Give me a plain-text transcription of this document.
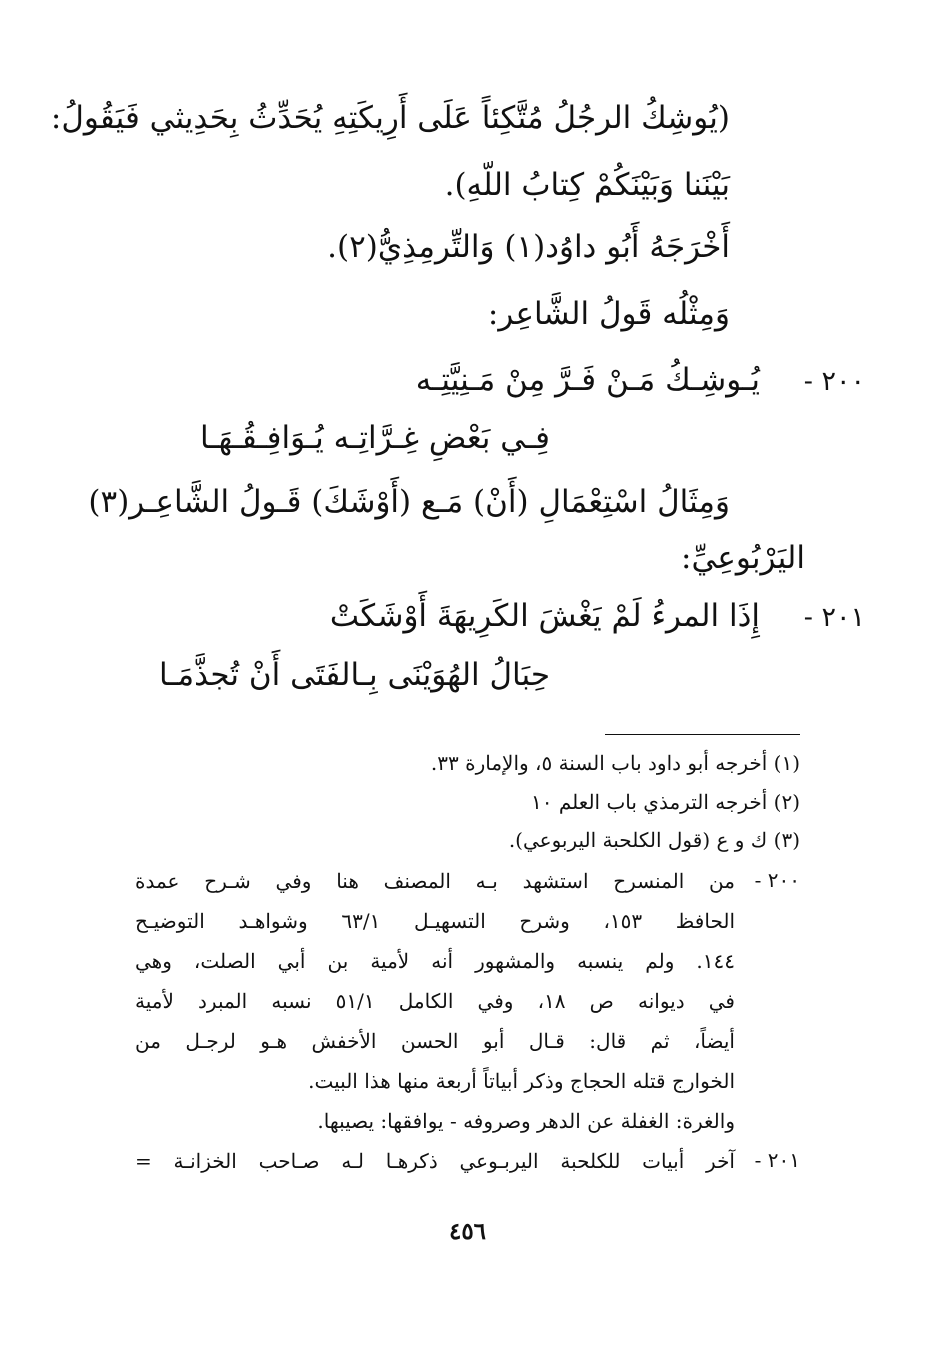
(يُوشِكُ الرجُلُ مُتَّكِئاً عَلَى أَرِيكَتِهِ يُحَدِّثُ بِحَدِيثي فَيَقُولُ:
بَيْنَنا وَبَيْنَكُمْ كِتابُ اللّهِ).
أَخْرَجَهُ أَبُو داوُد(١) وَالتِّرمِذِيُّ(٢).
وَمِثْلُه قَولُ الشَّاعِر:
٢٠٠ -
يُـوشِـكُ مَـنْ فَـرَّ مِنْ مَـنِيَّتِـه
فِـي بَعْضِ غِـرَّاتِـه يُـوَافِـقُـهَـا
وَمِثَالُ اسْتِعْمَالِ (أَنْ) مَـع (أَوْشَكَ) قَـولُ الشَّاعِـر(٣)
اليَرْبُوعِيِّ:
٢٠١ -
إِذَا المرءُ لَمْ يَغْشَ الكَرِيهَةَ أَوْشَكَتْ
حِبَالُ الهُوَيْنَى بِـالفَتَى أَنْ تُجذَّمَـا
(١) أخرجه أبو داود باب السنة ٥، والإمارة ٣٣.
(٢) أخرجه الترمذي باب العلم ١٠
(٣) ك و ع (قول الكلحبة اليربوعي).
٢٠٠ -
من المنسرح استشهد بـه المصنف هنا وفي شـرح عمدة
الحافظ ١٥٣، وشرح التسهيـل ٦٣/١ وشواهـد التوضيـح
١٤٤. ولم ينسبه والمشهور أنه لأمية بن أبي الصلت، وهي
في ديوانه ص ١٨، وفي الكامل ٥١/١ نسبه المبرد لأمية
أيضاً، ثم قال: قـال أبو الحسن الأخفش هـو لرجـل من
الخوارج قتله الحجاج وذكر أبياتاً أربعة منها هذا البيت.
والغرة: الغفلة عن الدهر وصروفه - يوافقها: يصيبها.
٢٠١ -
آخر أبيات للكلحبة اليربـوعي ذكرهـا لـه صـاحب الخزانـة =
٤٥٦
